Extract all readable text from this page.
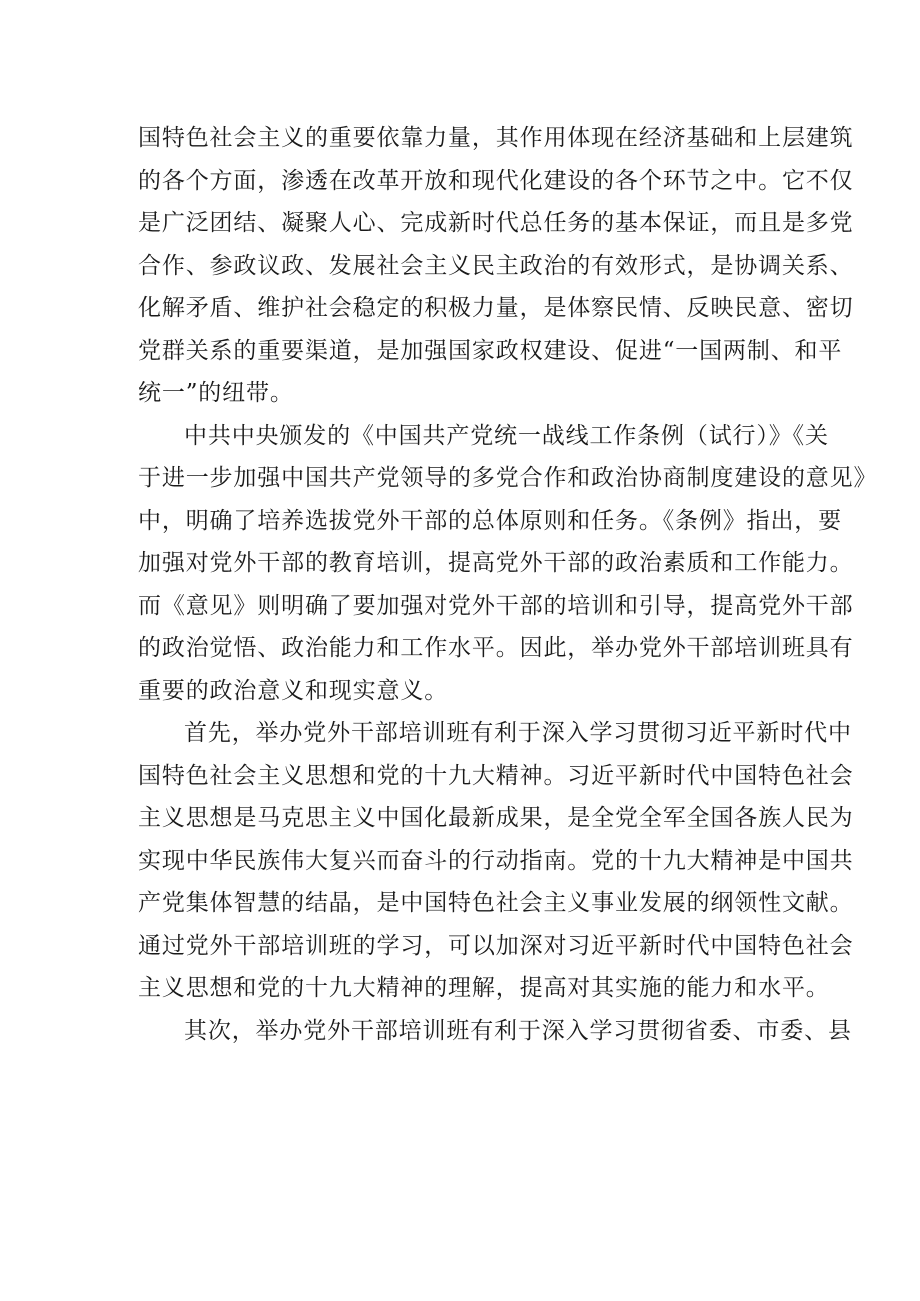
国特色社会主义的重要依靠力量，其作用体现在经济基础和上层建筑
的各个方面，渗透在改革开放和现代化建设的各个环节之中。它不仅
是广泛团结、凝聚人心、完成新时代总任务的基本保证，而且是多党
合作、参政议政、发展社会主义民主政治的有效形式，是协调关系、
化解矛盾、维护社会稳定的积极力量，是体察民情、反映民意、密切
党群关系的重要渠道，是加强国家政权建设、促进“一国两制、和平
统一”的纽带。

中共中央颁发的《中国共产党统一战线工作条例（试行）》《关
于进一步加强中国共产党领导的多党合作和政治协商制度建设的意见》
中，明确了培养选拔党外干部的总体原则和任务。《条例》指出，要
加强对党外干部的教育培训，提高党外干部的政治素质和工作能力。
而《意见》则明确了要加强对党外干部的培训和引导，提高党外干部
的政治觉悟、政治能力和工作水平。因此，举办党外干部培训班具有
重要的政治意义和现实意义。

首先，举办党外干部培训班有利于深入学习贯彻习近平新时代中
国特色社会主义思想和党的十九大精神。习近平新时代中国特色社会
主义思想是马克思主义中国化最新成果，是全党全军全国各族人民为
实现中华民族伟大复兴而奋斗的行动指南。党的十九大精神是中国共
产党集体智慧的结晶，是中国特色社会主义事业发展的纲领性文献。
通过党外干部培训班的学习，可以加深对习近平新时代中国特色社会
主义思想和党的十九大精神的理解，提高对其实施的能力和水平。

其次，举办党外干部培训班有利于深入学习贯彻省委、市委、县
